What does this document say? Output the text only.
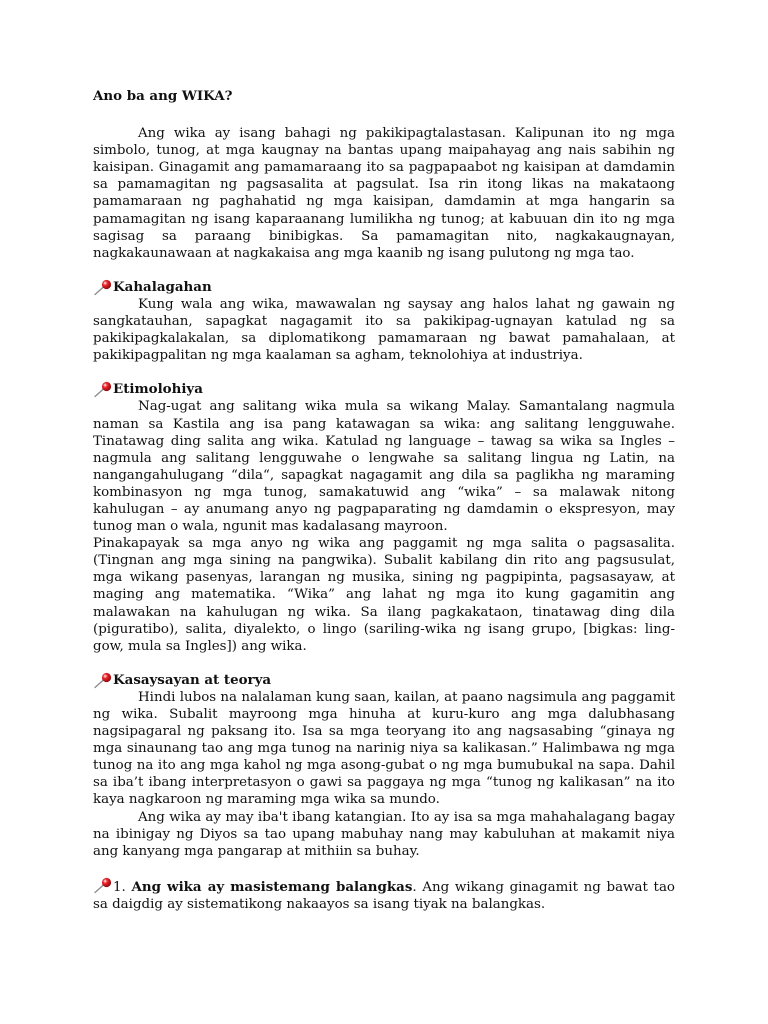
Ano ba ang WIKA?

Ang wika ay isang bahagi ng pakikipagtalastasan. Kalipunan ito ng mga simbolo, tunog, at mga kaugnay na bantas upang maipahayag ang nais sabihin ng kaisipan. Ginagamit ang pamamaraang ito sa pagpapaabot ng kaisipan at damdamin sa pamamagitan ng pagsasalita at pagsulat. Isa rin itong likas na makataong pamamaraan ng paghahatid ng mga kaisipan, damdamin at mga hangarin sa pamamagitan ng isang kaparaanang lumilikha ng tunog; at kabuuan din ito ng mga sagisag sa paraang binibigkas. Sa pamamagitan nito, nagkakaugnayan, nagkakaunawaan at nagkakaisa ang mga kaanib ng isang pulutong ng mga tao.

Kahalagahan

Kung wala ang wika, mawawalan ng saysay ang halos lahat ng gawain ng sangkatauhan, sapagkat nagagamit ito sa pakikipag-ugnayan katulad ng sa pakikipagkalakalan, sa diplomatikong pamamaraan ng bawat pamahalaan, at pakikipagpalitan ng mga kaalaman sa agham, teknolohiya at industriya.

Etimolohiya

Nag-ugat ang salitang wika mula sa wikang Malay. Samantalang nagmula naman sa Kastila ang isa pang katawagan sa wika: ang salitang lengguwahe. Tinatawag ding salita ang wika. Katulad ng language – tawag sa wika sa Ingles – nagmula ang salitang lengguwahe o lengwahe sa salitang lingua ng Latin, na nangangahulugang “dila“, sapagkat nagagamit ang dila sa paglikha ng maraming kombinasyon ng mga tunog, samakatuwid ang “wika” – sa malawak nitong kahulugan – ay anumang anyo ng pagpaparating ng damdamin o ekspresyon, may tunog man o wala, ngunit mas kadalasang mayroon.

Pinakapayak sa mga anyo ng wika ang paggamit ng mga salita o pagsasalita. (Tingnan ang mga sining na pangwika). Subalit kabilang din rito ang pagsusulat, mga wikang pasenyas, larangan ng musika, sining ng pagpipinta, pagsasayaw, at maging ang matematika. “Wika” ang lahat ng mga ito kung gagamitin ang malawakan na kahulugan ng wika. Sa ilang pagkakataon, tinatawag ding dila (piguratibo), salita, diyalekto, o lingo (sariling-wika ng isang grupo, [bigkas: ling-gow, mula sa Ingles]) ang wika.

Kasaysayan at teorya

Hindi lubos na nalalaman kung saan, kailan, at paano nagsimula ang paggamit ng wika. Subalit mayroong mga hinuha at kuru-kuro ang mga dalubhasang nagsipagaral ng paksang ito. Isa sa mga teoryang ito ang nagsasabing “ginaya ng mga sinaunang tao ang mga tunog na narinig niya sa kalikasan.” Halimbawa ng mga tunog na ito ang mga kahol ng mga asong-gubat o ng mga bumubukal na sapa. Dahil sa iba’t ibang interpretasyon o gawi sa paggaya ng mga “tunog ng kalikasan” na ito kaya nagkaroon ng maraming mga wika sa mundo.

Ang wika ay may iba't ibang katangian. Ito ay isa sa mga mahahalagang bagay na ibinigay ng Diyos sa tao upang mabuhay nang may kabuluhan at makamit niya ang kanyang mga pangarap at mithiin sa buhay.

1. Ang wika ay masistemang balangkas. Ang wikang ginagamit ng bawat tao sa daigdig ay sistematikong nakaayos sa isang tiyak na balangkas.
